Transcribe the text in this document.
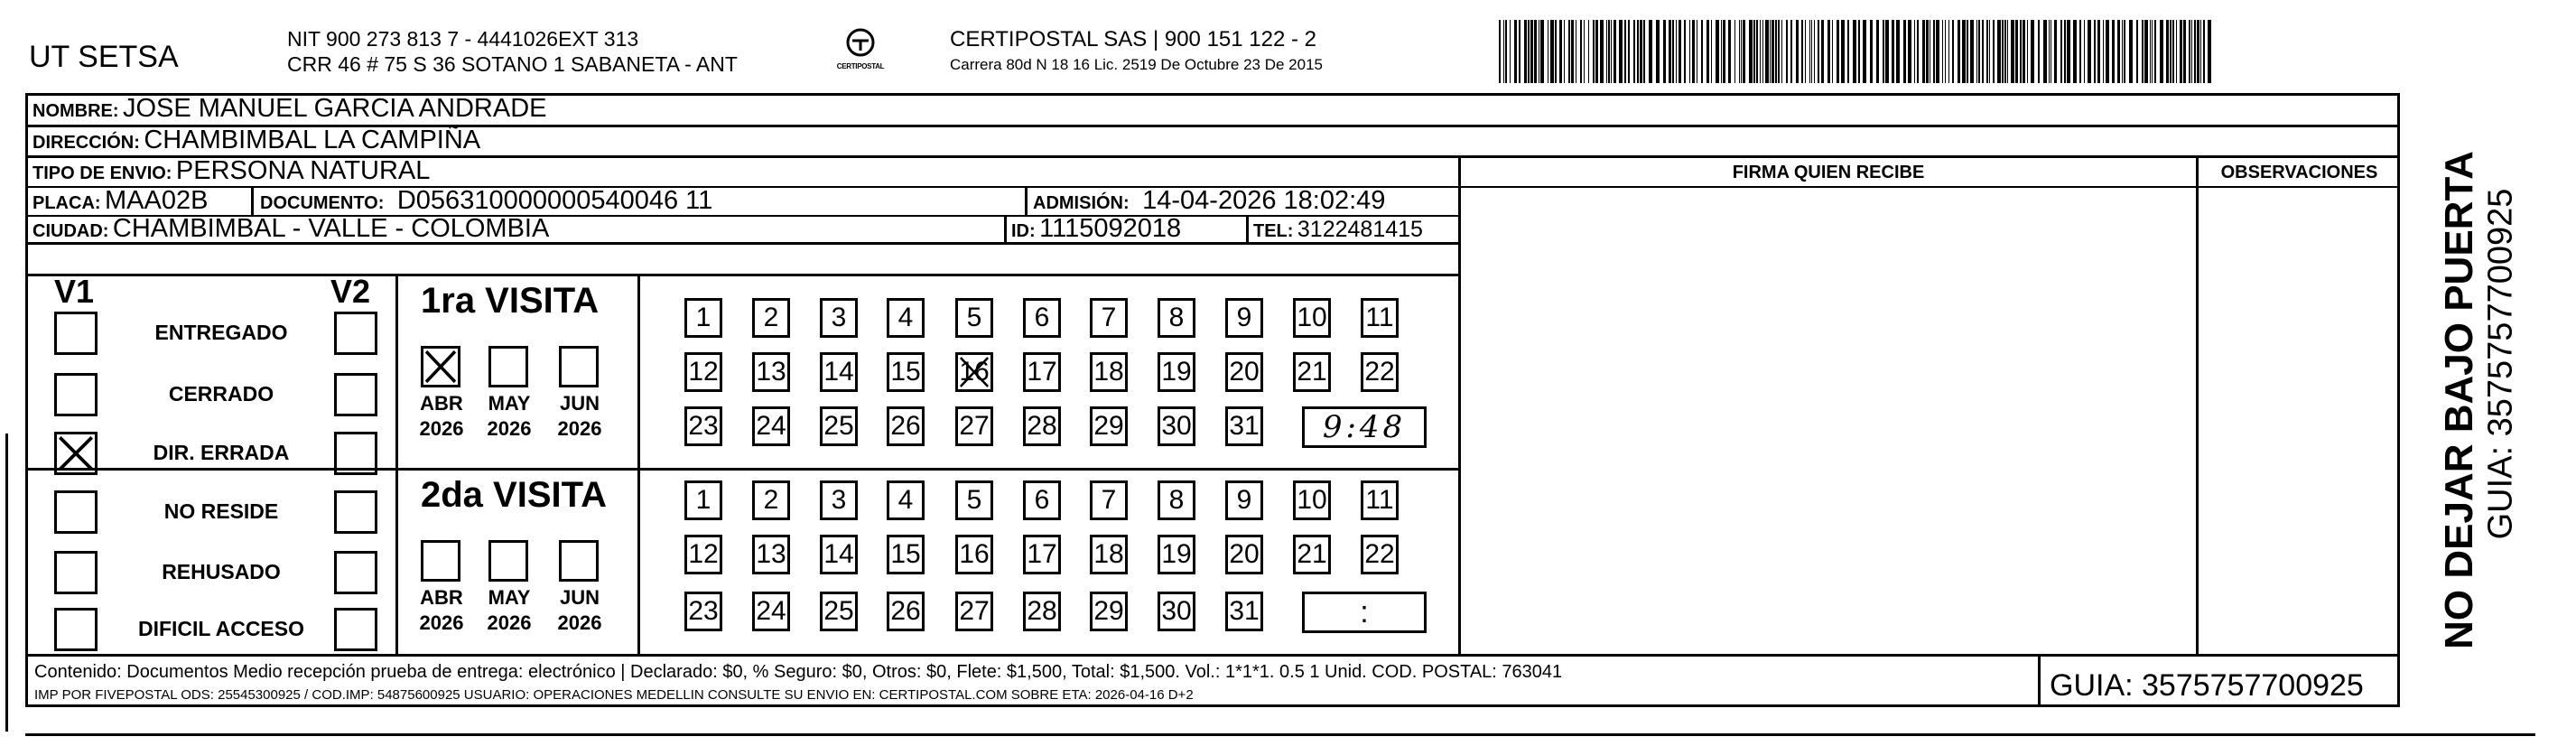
UT SETSA
NIT 900 273 813 7 - 4441026EXT 313
CRR 46 # 75 S 36 SOTANO 1 SABANETA - ANT	CERTIPOSTAL
CERTIPOSTAL SAS | 900 151 122 - 2
Carrera 80d N 18 16 Lic. 2519 De Octubre 23 De 2015
NOMBRE: JOSE MANUEL GARCIA ANDRADE
DIRECCIÓN: CHAMBIMBAL LA CAMPIÑA
TIPO DE ENVIO: PERSONA NATURAL	FIRMA QUIEN RECIBE	OBSERVACIONES
PLACA: MAA02B	DOCUMENTO: D056310000000540046 11	ADMISIÓN: 14-04-2026 18:02:49
CIUDAD: CHAMBIMBAL - VALLE - COLOMBIA	ID: 1115092018	TEL: 3122481415
V1	V2
ENTREGADO
CERRADO
DIR. ERRADA
NO RESIDE
REHUSADO
DIFICIL ACCESO
1ra VISITA
ABR
2026
MAY
2026
JUN
2026
1 2 3 4 5 6 7 8 9 10 11
12 13 14 15 16 17 18 19 20 21 22
23 24 25 26 27 28 29 30 31 9:48
2da VISITA
ABR
2026
MAY
2026
JUN
2026
1 2 3 4 5 6 7 8 9 10 11
12 13 14 15 16 17 18 19 20 21 22
23 24 25 26 27 28 29 30 31	:
Contenido: Documentos Medio recepción prueba de entrega: electrónico | Declarado: $0, % Seguro: $0, Otros: $0, Flete: $1,500, Total: $1,500. Vol.: 1*1*1. 0.5 1 Unid. COD. POSTAL: 763041
IMP POR FIVEPOSTAL ODS: 25545300925 / COD.IMP: 54875600925 USUARIO: OPERACIONES MEDELLIN CONSULTE SU ENVIO EN: CERTIPOSTAL.COM SOBRE ETA: 2026-04-16 D+2	GUIA: 3575757700925
NO DEJAR BAJO PUERTA GUIA: 3575757700925
